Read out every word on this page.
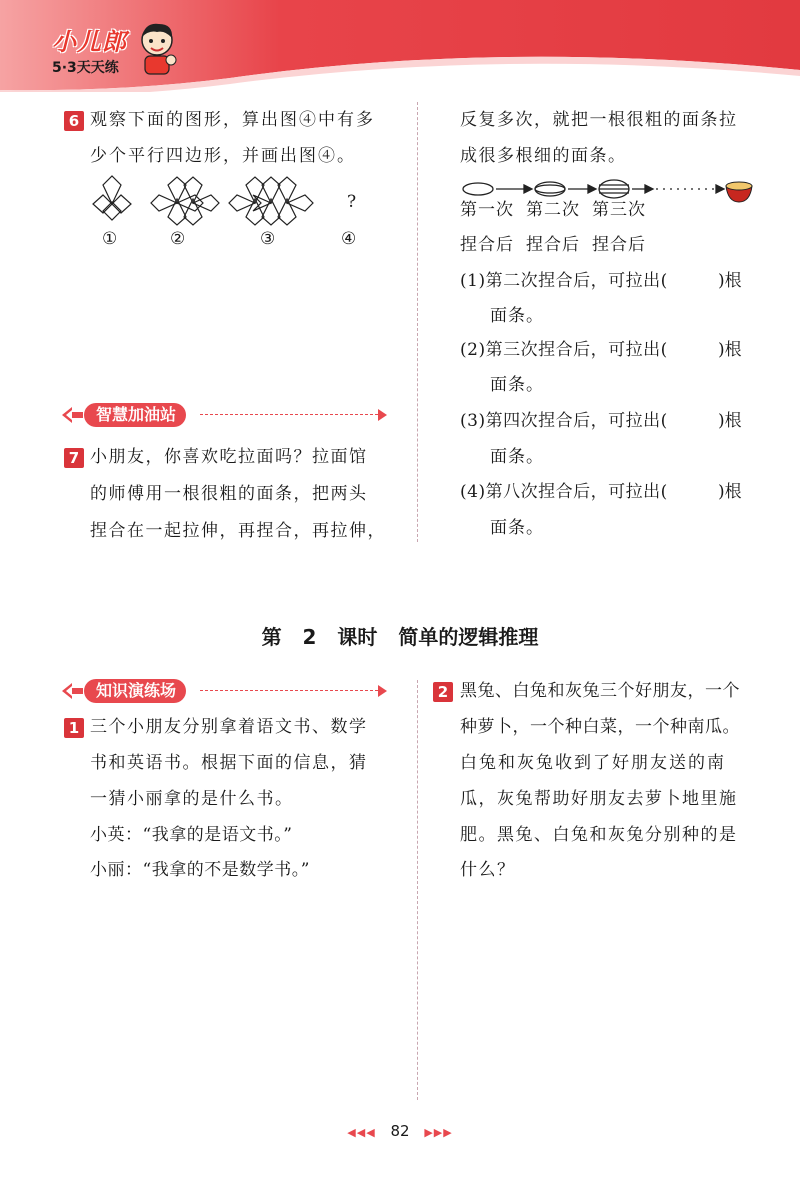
小儿郎
5·3天天练
6 观察下面的图形，算出图④中有多
少个平行四边形，并画出图④。
?
①	②	③	④
智慧加油站
7 小朋友，你喜欢吃拉面吗？拉面馆
的师傅用一根很粗的面条，把两头
捏合在一起拉伸，再捏合，再拉伸，
反复多次，就把一根很粗的面条拉
成很多根细的面条。
第一次 第二次 第三次
捏合后 捏合后 捏合后
(1)第二次捏合后，可拉出(	)根
面条。
(2)第三次捏合后，可拉出(	)根
面条。
(3)第四次捏合后，可拉出(	)根
面条。
(4)第八次捏合后，可拉出(	)根
面条。
第 2 课时 简单的逻辑推理
知识演练场
1 三个小朋友分别拿着语文书、数学
书和英语书。根据下面的信息，猜
一猜小丽拿的是什么书。
小英：“我拿的是语文书。”
小丽：“我拿的不是数学书。”
2 黑兔、白兔和灰兔三个好朋友，一个
种萝卜，一个种白菜，一个种南瓜。
白兔和灰兔收到了好朋友送的南
瓜，灰兔帮助好朋友去萝卜地里施
肥。黑兔、白兔和灰兔分别种的是
什么？
◀◀◀ 82 ▶▶▶
